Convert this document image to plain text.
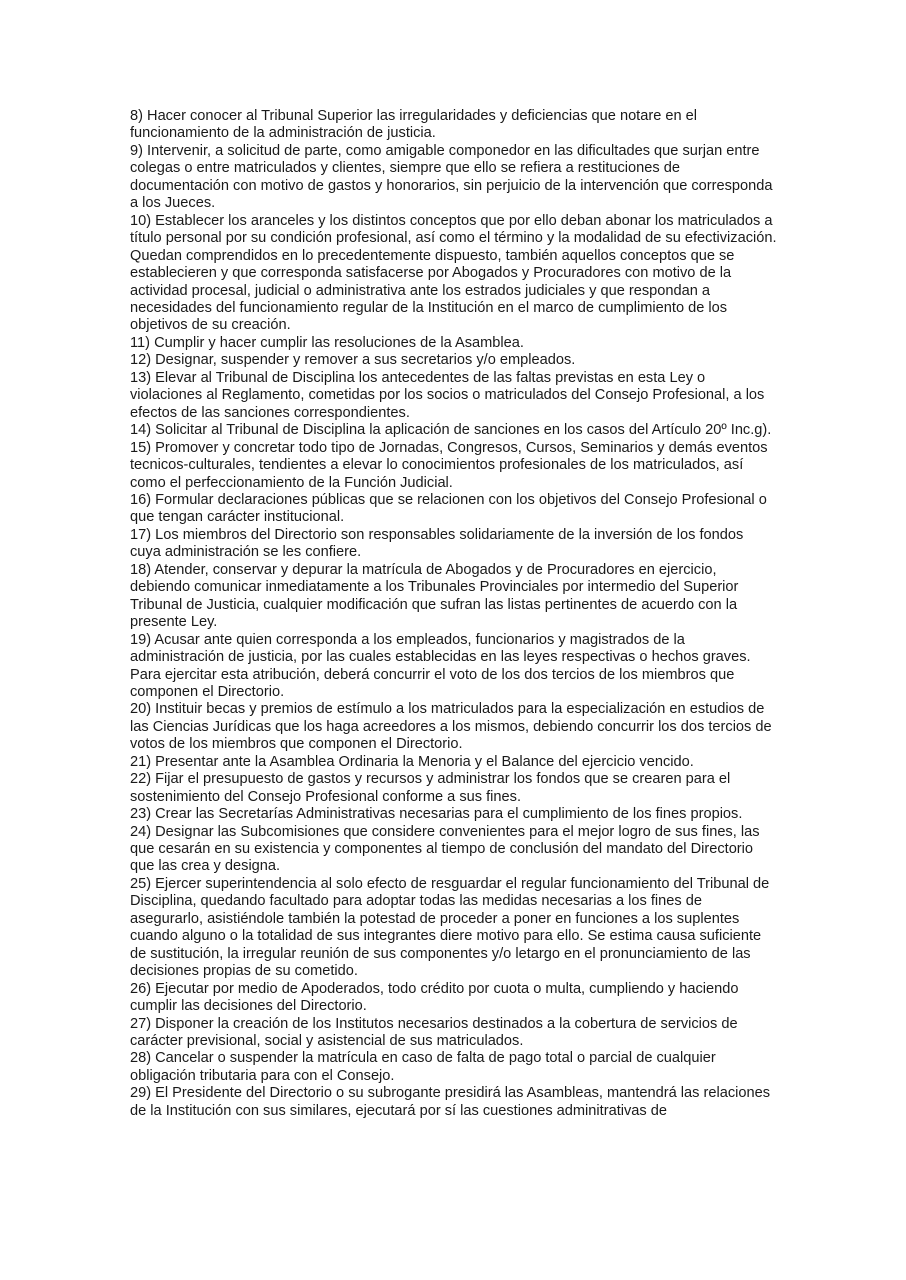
8) Hacer conocer al Tribunal Superior las irregularidades y deficiencias que notare en el funcionamiento de la administración de justicia.

9) Intervenir, a solicitud de parte, como amigable componedor en las dificultades que surjan entre colegas o entre matriculados y clientes, siempre que ello se refiera a restituciones de documentación con motivo de gastos y honorarios, sin perjuicio de la intervención que corresponda a los Jueces.

10) Establecer los aranceles y los distintos conceptos que por ello deban abonar los matriculados a título personal por su condición profesional, así como el término y la modalidad de su efectivización. Quedan comprendidos en lo precedentemente dispuesto, también aquellos conceptos que se establecieren y que corresponda satisfacerse por Abogados y Procuradores con motivo de la actividad procesal, judicial o administrativa ante los estrados judiciales y que respondan a necesidades del funcionamiento regular de la Institución en el marco de cumplimiento de los objetivos de su creación.

11) Cumplir y hacer cumplir las resoluciones de la Asamblea.

12) Designar, suspender y remover a sus secretarios y/o empleados.

13) Elevar al Tribunal de Disciplina los antecedentes de las faltas previstas en esta Ley o violaciones al Reglamento, cometidas por los socios o matriculados del Consejo Profesional, a los efectos de las sanciones correspondientes.

14) Solicitar al Tribunal de Disciplina la aplicación de sanciones en los casos del Artículo 20º Inc.g).

15) Promover y concretar todo tipo de Jornadas, Congresos, Cursos, Seminarios y demás eventos tecnicos-culturales, tendientes a elevar lo conocimientos profesionales de los matriculados, así como el perfeccionamiento de la Función Judicial.

16) Formular declaraciones públicas que se relacionen con los objetivos del Consejo Profesional o que tengan carácter institucional.

17) Los miembros del Directorio son responsables solidariamente de la inversión de los fondos cuya administración se les confiere.

18) Atender, conservar y depurar la matrícula de Abogados y de Procuradores en ejercicio, debiendo comunicar inmediatamente a los Tribunales Provinciales por intermedio del Superior Tribunal de Justicia, cualquier modificación que sufran las listas pertinentes de acuerdo con la presente Ley.

19) Acusar ante quien corresponda a los empleados, funcionarios y magistrados de la administración de justicia, por las cuales establecidas en las leyes respectivas o hechos graves. Para ejercitar esta atribución, deberá concurrir el voto de los dos tercios de los miembros que componen el Directorio.

20) Instituir becas y premios de estímulo a los matriculados para la especialización en estudios de las Ciencias Jurídicas que los haga acreedores a los mismos, debiendo concurrir los dos tercios de votos de los miembros que componen el Directorio.

21) Presentar ante la Asamblea Ordinaria la Menoria y el Balance del ejercicio vencido.

22) Fijar el presupuesto de gastos y recursos y administrar los fondos que se crearen para el sostenimiento del Consejo Profesional conforme a sus fines.

23) Crear las Secretarías Administrativas necesarias para el cumplimiento de los fines propios.

24) Designar las Subcomisiones que considere convenientes para el mejor logro de sus fines, las que cesarán en su existencia y componentes al tiempo de conclusión del mandato del Directorio que las crea y designa.

25) Ejercer superintendencia al solo efecto de resguardar el regular funcionamiento del Tribunal de Disciplina, quedando facultado para adoptar todas las medidas necesarias a los fines de asegurarlo, asistiéndole también la potestad de proceder a poner en funciones a los suplentes cuando alguno o la totalidad de sus integrantes diere motivo para ello. Se estima causa suficiente de sustitución, la irregular reunión de sus componentes y/o letargo en el pronunciamiento de las decisiones propias de su cometido.

26) Ejecutar por medio de Apoderados, todo crédito por cuota o multa, cumpliendo y haciendo cumplir las decisiones del Directorio.

27) Disponer la creación de los Institutos necesarios destinados a la cobertura de servicios de carácter previsional, social y asistencial de sus matriculados.

28) Cancelar o suspender la matrícula en caso de falta de pago total o parcial de cualquier obligación tributaria para con el Consejo.

29) El Presidente del Directorio o su subrogante presidirá las Asambleas, mantendrá las relaciones de la Institución con sus similares, ejecutará por sí las cuestiones adminitrativas de
